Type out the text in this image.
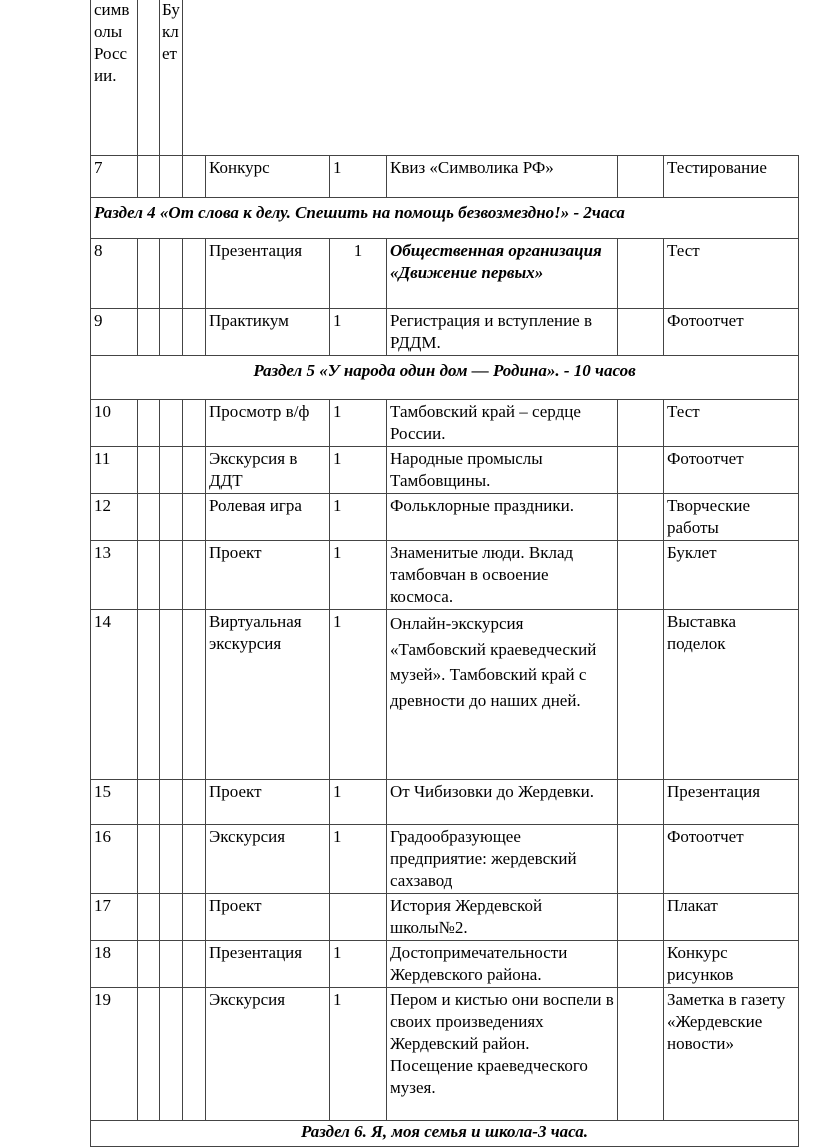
символы России.		Буклет
7				Конкурс	1	Квиз «Символика РФ»		Тестирование
Раздел 4 «От слова к делу. Спешить на помощь безвозмездно!» - 2часа								
8				Презентация	1	Общественная организация «Движение первых»		Тест
9				Практикум	1	Регистрация и вступление в РДДМ.		Фотоотчет
Раздел 5 «У народа один дом — Родина». - 10 часов								
10				Просмотр в/ф	1	Тамбовский край – сердце России.		Тест
11				Экскурсия в ДДТ	1	Народные промыслы Тамбовщины.		Фотоотчет
12				Ролевая игра	1	Фольклорные праздники.		Творческие работы
13				Проект	1	Знаменитые люди. Вклад тамбовчан в освоение космоса.		Буклет
14				Виртуальная экскурсия	1	Онлайн-экскурсия «Тамбовский краеведческий музей». Тамбовский край с древности до наших дней.		Выставка поделок
15				Проект	1	От Чибизовки до Жердевки.		Презентация
16				Экскурсия	1	Градообразующее предприятие: жердевский сахзавод		Фотоотчет
17				Проект		История Жердевской школы№2.		Плакат
18				Презентация	1	Достопримечательности Жердевского района.		Конкурс рисунков
19				Экскурсия	1	Пером и кистью они воспели в своих произведениях Жердевский район. Посещение краеведческого музея.		Заметка в газету «Жердевские новости»
Раздел 6. Я, моя семья и школа-3 часа.								
